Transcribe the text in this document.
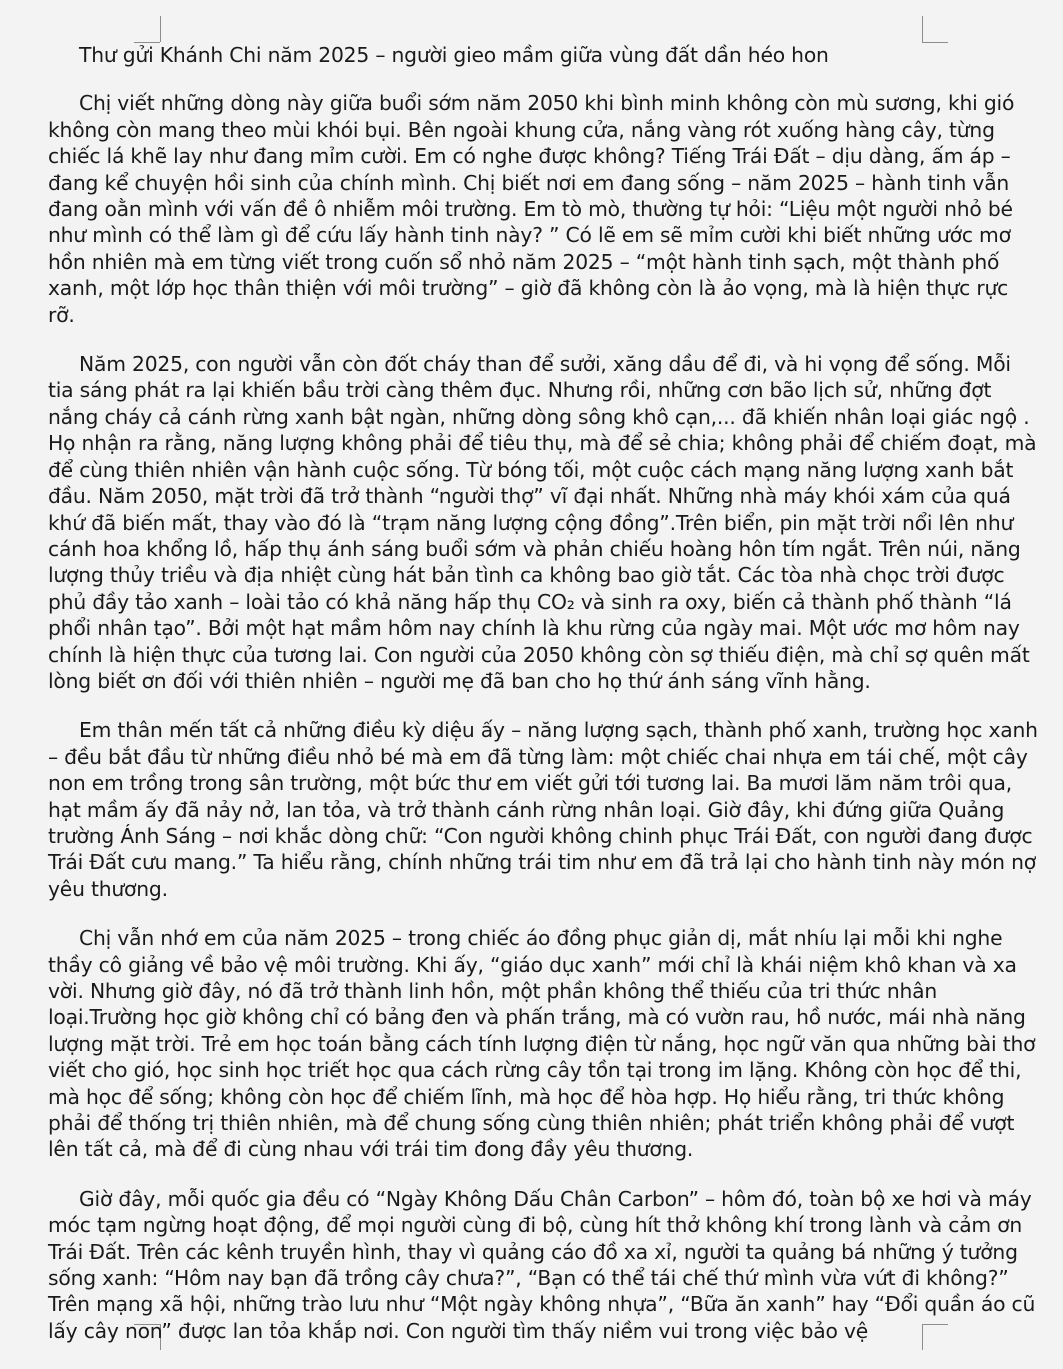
Thư gửi Khánh Chi năm 2025 – người gieo mầm giữa vùng đất dần héo hon

Chị viết những dòng này giữa buổi sớm năm 2050 khi bình minh không còn mù sương, khi gió không còn mang theo mùi khói bụi. Bên ngoài khung cửa, nắng vàng rót xuống hàng cây, từng chiếc lá khẽ lay như đang mỉm cười. Em có nghe được không? Tiếng Trái Đất – dịu dàng, ấm áp – đang kể chuyện hồi sinh của chính mình. Chị biết nơi em đang sống – năm 2025 – hành tinh vẫn đang oằn mình với vấn đề ô nhiễm môi trường. Em tò mò, thường tự hỏi: “Liệu một người nhỏ bé như mình có thể làm gì để cứu lấy hành tinh này? ” Có lẽ em sẽ mỉm cười khi biết những ước mơ hồn nhiên mà em từng viết trong cuốn sổ nhỏ năm 2025 – “một hành tinh sạch, một thành phố xanh, một lớp học thân thiện với môi trường” – giờ đã không còn là ảo vọng, mà là hiện thực rực rỡ.

Năm 2025, con người vẫn còn đốt cháy than để sưởi, xăng dầu để đi, và hi vọng để sống. Mỗi tia sáng phát ra lại khiến bầu trời càng thêm đục. Nhưng rồi, những cơn bão lịch sử, những đợt nắng cháy cả cánh rừng xanh bật ngàn, những dòng sông khô cạn,... đã khiến nhân loại giác ngộ . Họ nhận ra rằng, năng lượng không phải để tiêu thụ, mà để sẻ chia; không phải để chiếm đoạt, mà để cùng thiên nhiên vận hành cuộc sống. Từ bóng tối, một cuộc cách mạng năng lượng xanh bắt đầu. Năm 2050, mặt trời đã trở thành “người thợ” vĩ đại nhất. Những nhà máy khói xám của quá khứ đã biến mất, thay vào đó là “trạm năng lượng cộng đồng”.Trên biển, pin mặt trời nổi lên như cánh hoa khổng lồ, hấp thụ ánh sáng buổi sớm và phản chiếu hoàng hôn tím ngắt. Trên núi, năng lượng thủy triều và địa nhiệt cùng hát bản tình ca không bao giờ tắt. Các tòa nhà chọc trời được phủ đầy tảo xanh – loài tảo có khả năng hấp thụ CO₂ và sinh ra oxy, biến cả thành phố thành “lá phổi nhân tạo”. Bởi một hạt mầm hôm nay chính là khu rừng của ngày mai. Một ước mơ hôm nay chính là hiện thực của tương lai. Con người của 2050 không còn sợ thiếu điện, mà chỉ sợ quên mất lòng biết ơn đối với thiên nhiên – người mẹ đã ban cho họ thứ ánh sáng vĩnh hằng.

Em thân mến tất cả những điều kỳ diệu ấy – năng lượng sạch, thành phố xanh, trường học xanh – đều bắt đầu từ những điều nhỏ bé mà em đã từng làm: một chiếc chai nhựa em tái chế, một cây non em trồng trong sân trường, một bức thư em viết gửi tới tương lai. Ba mươi lăm năm trôi qua, hạt mầm ấy đã nảy nở, lan tỏa, và trở thành cánh rừng nhân loại. Giờ đây, khi đứng giữa Quảng trường Ánh Sáng – nơi khắc dòng chữ: “Con người không chinh phục Trái Đất, con người đang được Trái Đất cưu mang.” Ta hiểu rằng, chính những trái tim như em đã trả lại cho hành tinh này món nợ yêu thương.

Chị vẫn nhớ em của năm 2025 – trong chiếc áo đồng phục giản dị, mắt nhíu lại mỗi khi nghe thầy cô giảng về bảo vệ môi trường. Khi ấy, “giáo dục xanh” mới chỉ là khái niệm khô khan và xa vời. Nhưng giờ đây, nó đã trở thành linh hồn, một phần không thể thiếu của tri thức nhân loại.Trường học giờ không chỉ có bảng đen và phấn trắng, mà có vườn rau, hồ nước, mái nhà năng lượng mặt trời. Trẻ em học toán bằng cách tính lượng điện từ nắng, học ngữ văn qua những bài thơ viết cho gió, học sinh học triết học qua cách rừng cây tồn tại trong im lặng. Không còn học để thi, mà học để sống; không còn học để chiếm lĩnh, mà học để hòa hợp. Họ hiểu rằng, tri thức không phải để thống trị thiên nhiên, mà để chung sống cùng thiên nhiên; phát triển không phải để vượt lên tất cả, mà để đi cùng nhau với trái tim đong đầy yêu thương.

Giờ đây, mỗi quốc gia đều có “Ngày Không Dấu Chân Carbon” – hôm đó, toàn bộ xe hơi và máy móc tạm ngừng hoạt động, để mọi người cùng đi bộ, cùng hít thở không khí trong lành và cảm ơn Trái Đất. Trên các kênh truyền hình, thay vì quảng cáo đồ xa xỉ, người ta quảng bá những ý tưởng sống xanh: “Hôm nay bạn đã trồng cây chưa?”, “Bạn có thể tái chế thứ mình vừa vứt đi không?” Trên mạng xã hội, những trào lưu như “Một ngày không nhựa”, “Bữa ăn xanh” hay “Đổi quần áo cũ lấy cây non” được lan tỏa khắp nơi. Con người tìm thấy niềm vui trong việc bảo vệ
